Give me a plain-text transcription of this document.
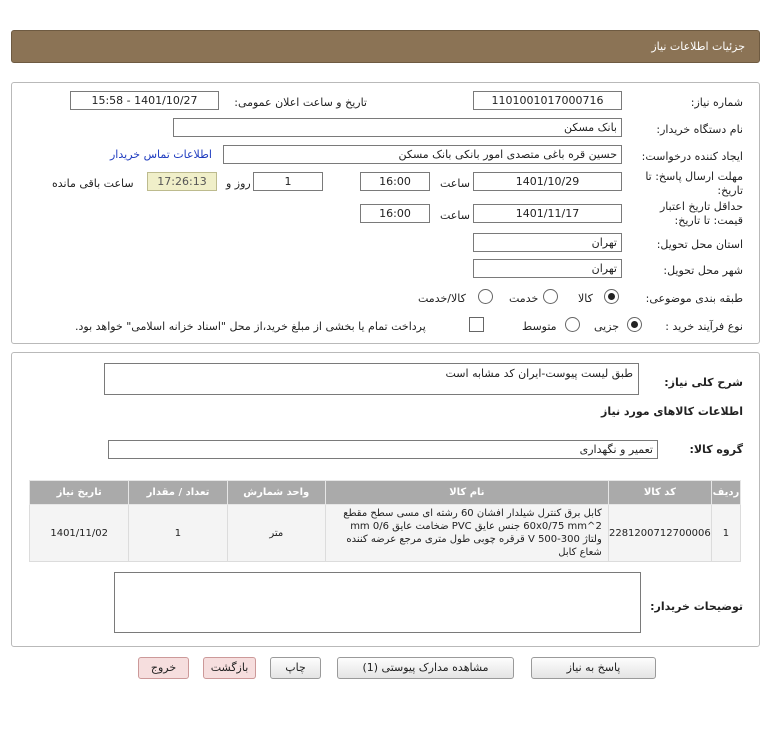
جزئیات اطلاعات نیاز
شماره نیاز:
1101001017000716
تاریخ و ساعت اعلان عمومی:
1401/10/27 - 15:58
نام دستگاه خریدار:
بانک مسکن
ایجاد کننده درخواست:
حسین قره باغی متصدی امور بانکی بانک مسکن
اطلاعات تماس خریدار
مهلت ارسال پاسخ: تا تاریخ:
1401/10/29
ساعت
16:00
1
روز و
17:26:13
ساعت باقی مانده
حداقل تاریخ اعتبار قیمت: تا تاریخ:
1401/11/17
ساعت
16:00
استان محل تحویل:
تهران
شهر محل تحویل:
تهران
طبقه بندی موضوعی:
کالا
خدمت
کالا/خدمت
نوع فرآیند خرید :
جزیی
متوسط
پرداخت تمام یا بخشی از مبلغ خرید،از محل "اسناد خزانه اسلامی" خواهد بود.
شرح کلی نیاز:
طبق لیست پیوست-ایران کد مشابه است
اطلاعات کالاهای مورد نیاز
گروه کالا:
تعمیر و نگهداری
ردیف	کد کالا	نام کالا	واحد شمارش	تعداد / مقدار	تاریخ نیاز
1	2281200712700006	کابل برق کنترل شیلدار افشان 60 رشته ای مسی سطح مقطع 2^60x0/75 mm جنس عایق PVC ضخامت عایق 0/6 mm ولتاژ 300-500 V قرقره چوبی طول متری مرجع عرضه کننده شعاع کابل	متر	1	1401/11/02
توضیحات خریدار:
پاسخ به نیاز
مشاهده مدارک پیوستی (1)
چاپ
بازگشت
خروج
